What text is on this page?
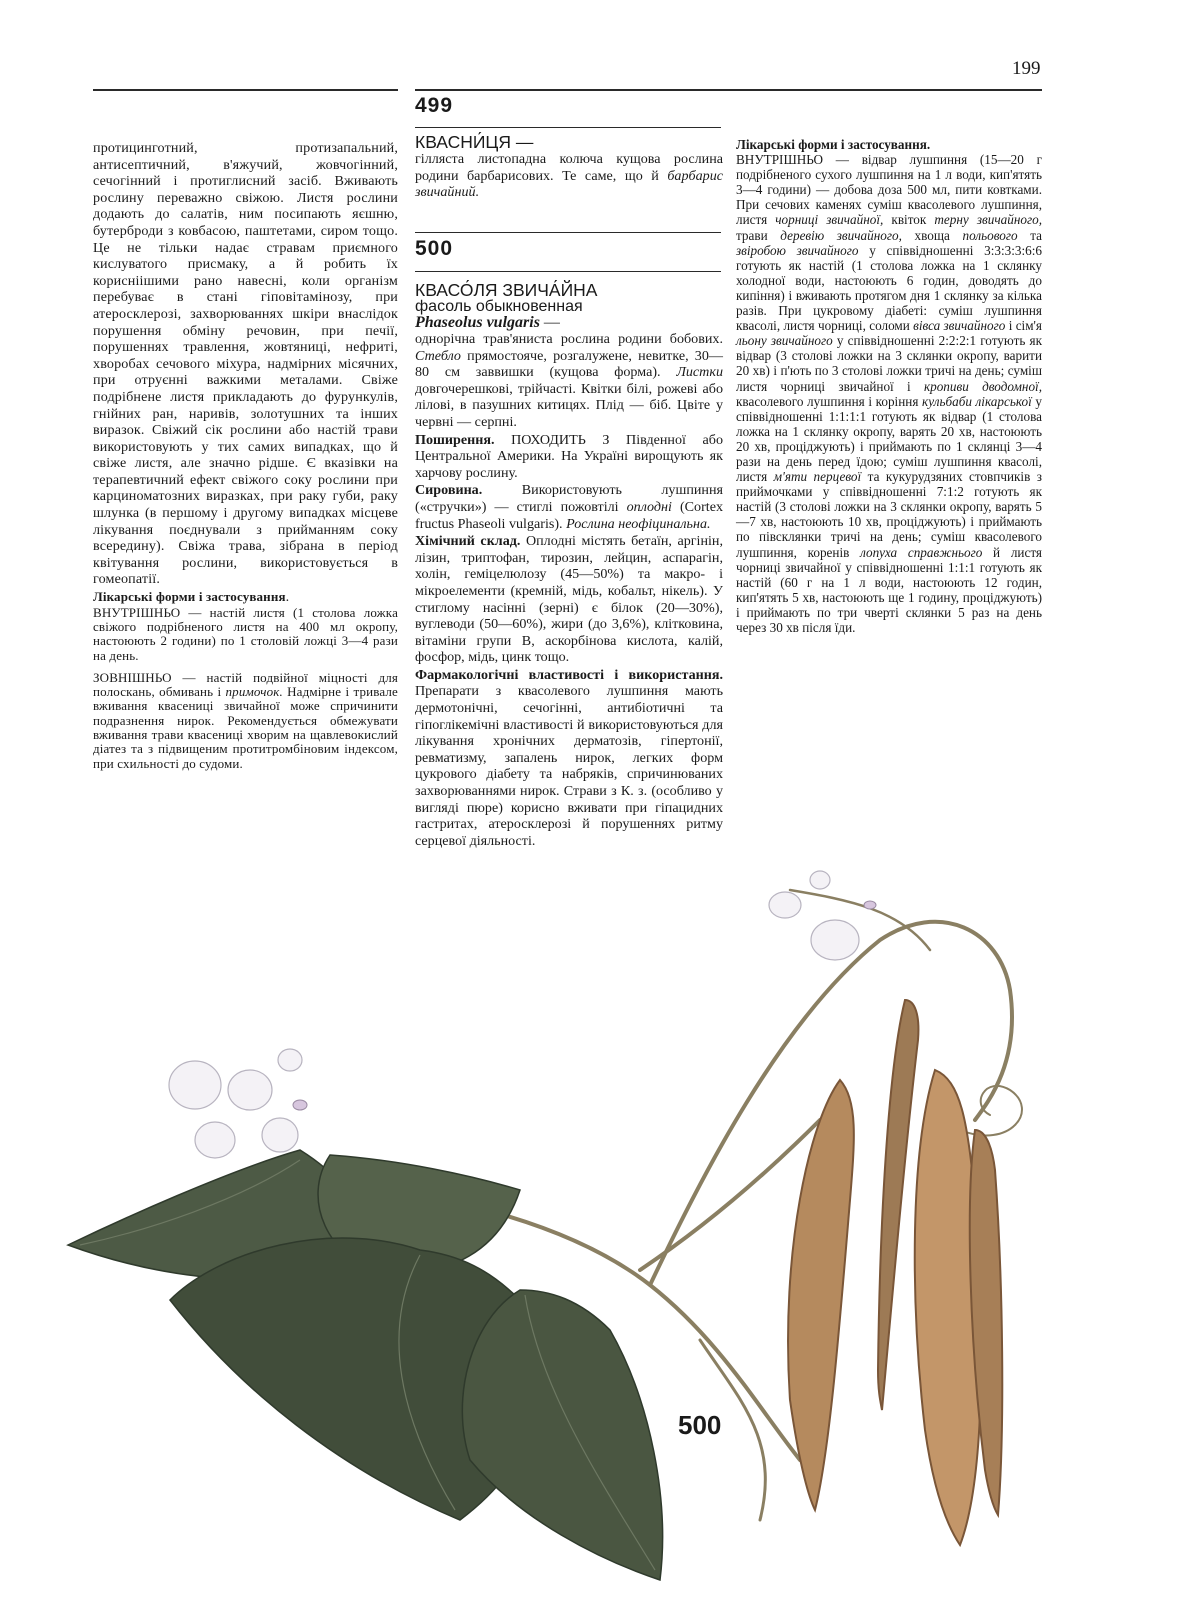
199

протицинготний, протизапальний, антисептичний, в'яжучий, жовчогінний, сечогінний і протиглисний засіб. Вживають рослину переважно свіжою. Листя рослини додають до салатів, ним посипають яєшню, бутерброди з ковбасою, паштетами, сиром тощо. Це не тільки надає стравам приємного кислуватого присмаку, а й робить їх корисніішими рано навесні, коли організм перебуває в стані гіповітамінозу, при атеросклерозі, захворюваннях шкіри внаслідок порушення обміну речовин, при печії, порушеннях травлення, жовтяниці, нефриті, хворобах сечового міхура, надмірних місячних, при отруєнні важкими металами. Свіже подрібнене листя прикладають до фурункулів, гнійних ран, наривів, золотушних та інших виразок. Свіжий сік рослини або настій трави використовують у тих самих випадках, що й свіже листя, але значно рідше. Є вказівки на терапевтичний ефект свіжого соку рослини при карциноматозних виразках, при раку губи, раку шлунка (в першому і другому випадках місцеве лікування поєднували з прийманням соку всередину). Свіжа трава, зібрана в період квітування рослини, використовується в гомеопатії.

Лікарські форми і застосування.

ВНУТРІШНЬО — настій листя (1 столова ложка свіжого подрібненого листя на 400 мл окропу, настоюють 2 години) по 1 столовій ложці 3—4 рази на день.

ЗОВНІШНЬО — настій подвійної міцності для полоскань, обмивань і примочок. Надмірне і тривале вживання квасениці звичайної може спричинити подразнення нирок. Рекомендується обмежувати вживання трави квасениці хворим на щавлевокислий діатез та з підвищеним протитромбіновим індексом, при схильності до судоми.

499
КВАСНИ́ЦЯ —

гілляста листопадна колюча кущова рослина родини барбарисових. Те саме, що й барбарис звичайний.

500
КВАСО́ЛЯ ЗВИЧА́ЙНА
фасоль обыкновенная
Phaseolus vulgaris —

однорічна трав'яниста рослина родини бобових. Стебло прямостояче, розгалужене, невитке, 30—80 см заввишки (кущова форма). Листки довгочерешкові, трійчасті. Квітки білі, рожеві або лілові, в пазушних китицях. Плід — біб. Цвіте у червні — серпні.

Поширення. ПОХОДИТЬ З Південної або Центральної Америки. На Україні вирощують як харчову рослину.

Сировина. Використовують лушпиння («стручки») — стиглі пожовтілі оплодні (Cortex fructus Phaseoli vulgaris). Рослина неофіцинальна.

Хімічний склад. Оплодні містять бетаїн, аргінін, лізин, триптофан, тирозин, лейцин, аспарагін, холін, геміцелюлозу (45—50%) та макро- і мікроелементи (кремній, мідь, кобальт, нікель). У стиглому насінні (зерні) є білок (20—30%), вуглеводи (50—60%), жири (до 3,6%), клітковина, вітаміни групи В, аскорбінова кислота, калій, фосфор, мідь, цинк тощо.

Фармакологічні властивості і використання. Препарати з квасолевого лушпиння мають дермотонічні, сечогінні, антибіотичні та гіпоглікемічні властивості й використовуються для лікування хронічних дерматозів, гіпертонії, ревматизму, запалень нирок, легких форм цукрового діабету та набряків, спричинюваних захворюваннями нирок. Страви з К. з. (особливо у вигляді пюре) корисно вживати при гіпацидних гастритах, атеросклерозі й порушеннях ритму серцевої діяльності.

Лікарські форми і застосування.

ВНУТРІШНЬО — відвар лушпиння (15—20 г подрібненого сухого лушпиння на 1 л води, кип'ятять 3—4 години) — добова доза 500 мл, пити ковтками. При сечових каменях суміш квасолевого лушпиння, листя чорниці звичайної, квіток терну звичайного, трави деревію звичайного, хвоща польового та звіробою звичайного у співвідношенні 3:3:3:3:6:6 готують як настій (1 столова ложка на 1 склянку холодної води, настоюють 6 годин, доводять до кипіння) і вживають протягом дня 1 склянку за кілька разів. При цукровому діабеті: суміш лушпиння квасолі, листя чорниці, соломи вівса звичайного і сім'я льону звичайного у співвідношенні 2:2:2:1 готують як відвар (3 столові ложки на 3 склянки окропу, варити 20 хв) і п'ють по 3 столові ложки тричі на день; суміш листя чорниці звичайної і кропиви дводомної, квасолевого лушпиння і коріння кульбаби лікарської у співвідношенні 1:1:1:1 готують як відвар (1 столова ложка на 1 склянку окропу, варять 20 хв, настоюють 20 хв, проціджують) і приймають по 1 склянці 3—4 рази на день перед їдою; суміш лушпиння квасолі, листя м'яти перцевої та кукурудзяних стовпчиків з приймочками у співвідношенні 7:1:2 готують як настій (3 столові ложки на 3 склянки окропу, варять 5—7 хв, настоюють 10 хв, проціджують) і приймають по півсклянки тричі на день; суміш квасолевого лушпиння, коренів лопуха справжнього й листя чорниці звичайної у співвідношенні 1:1:1 готують як настій (60 г на 1 л води, настоюють 12 годин, кип'ятять 5 хв, настоюють ще 1 годину, проціджують) і приймають по три чверті склянки 5 раз на день через 30 хв після їди.

500
